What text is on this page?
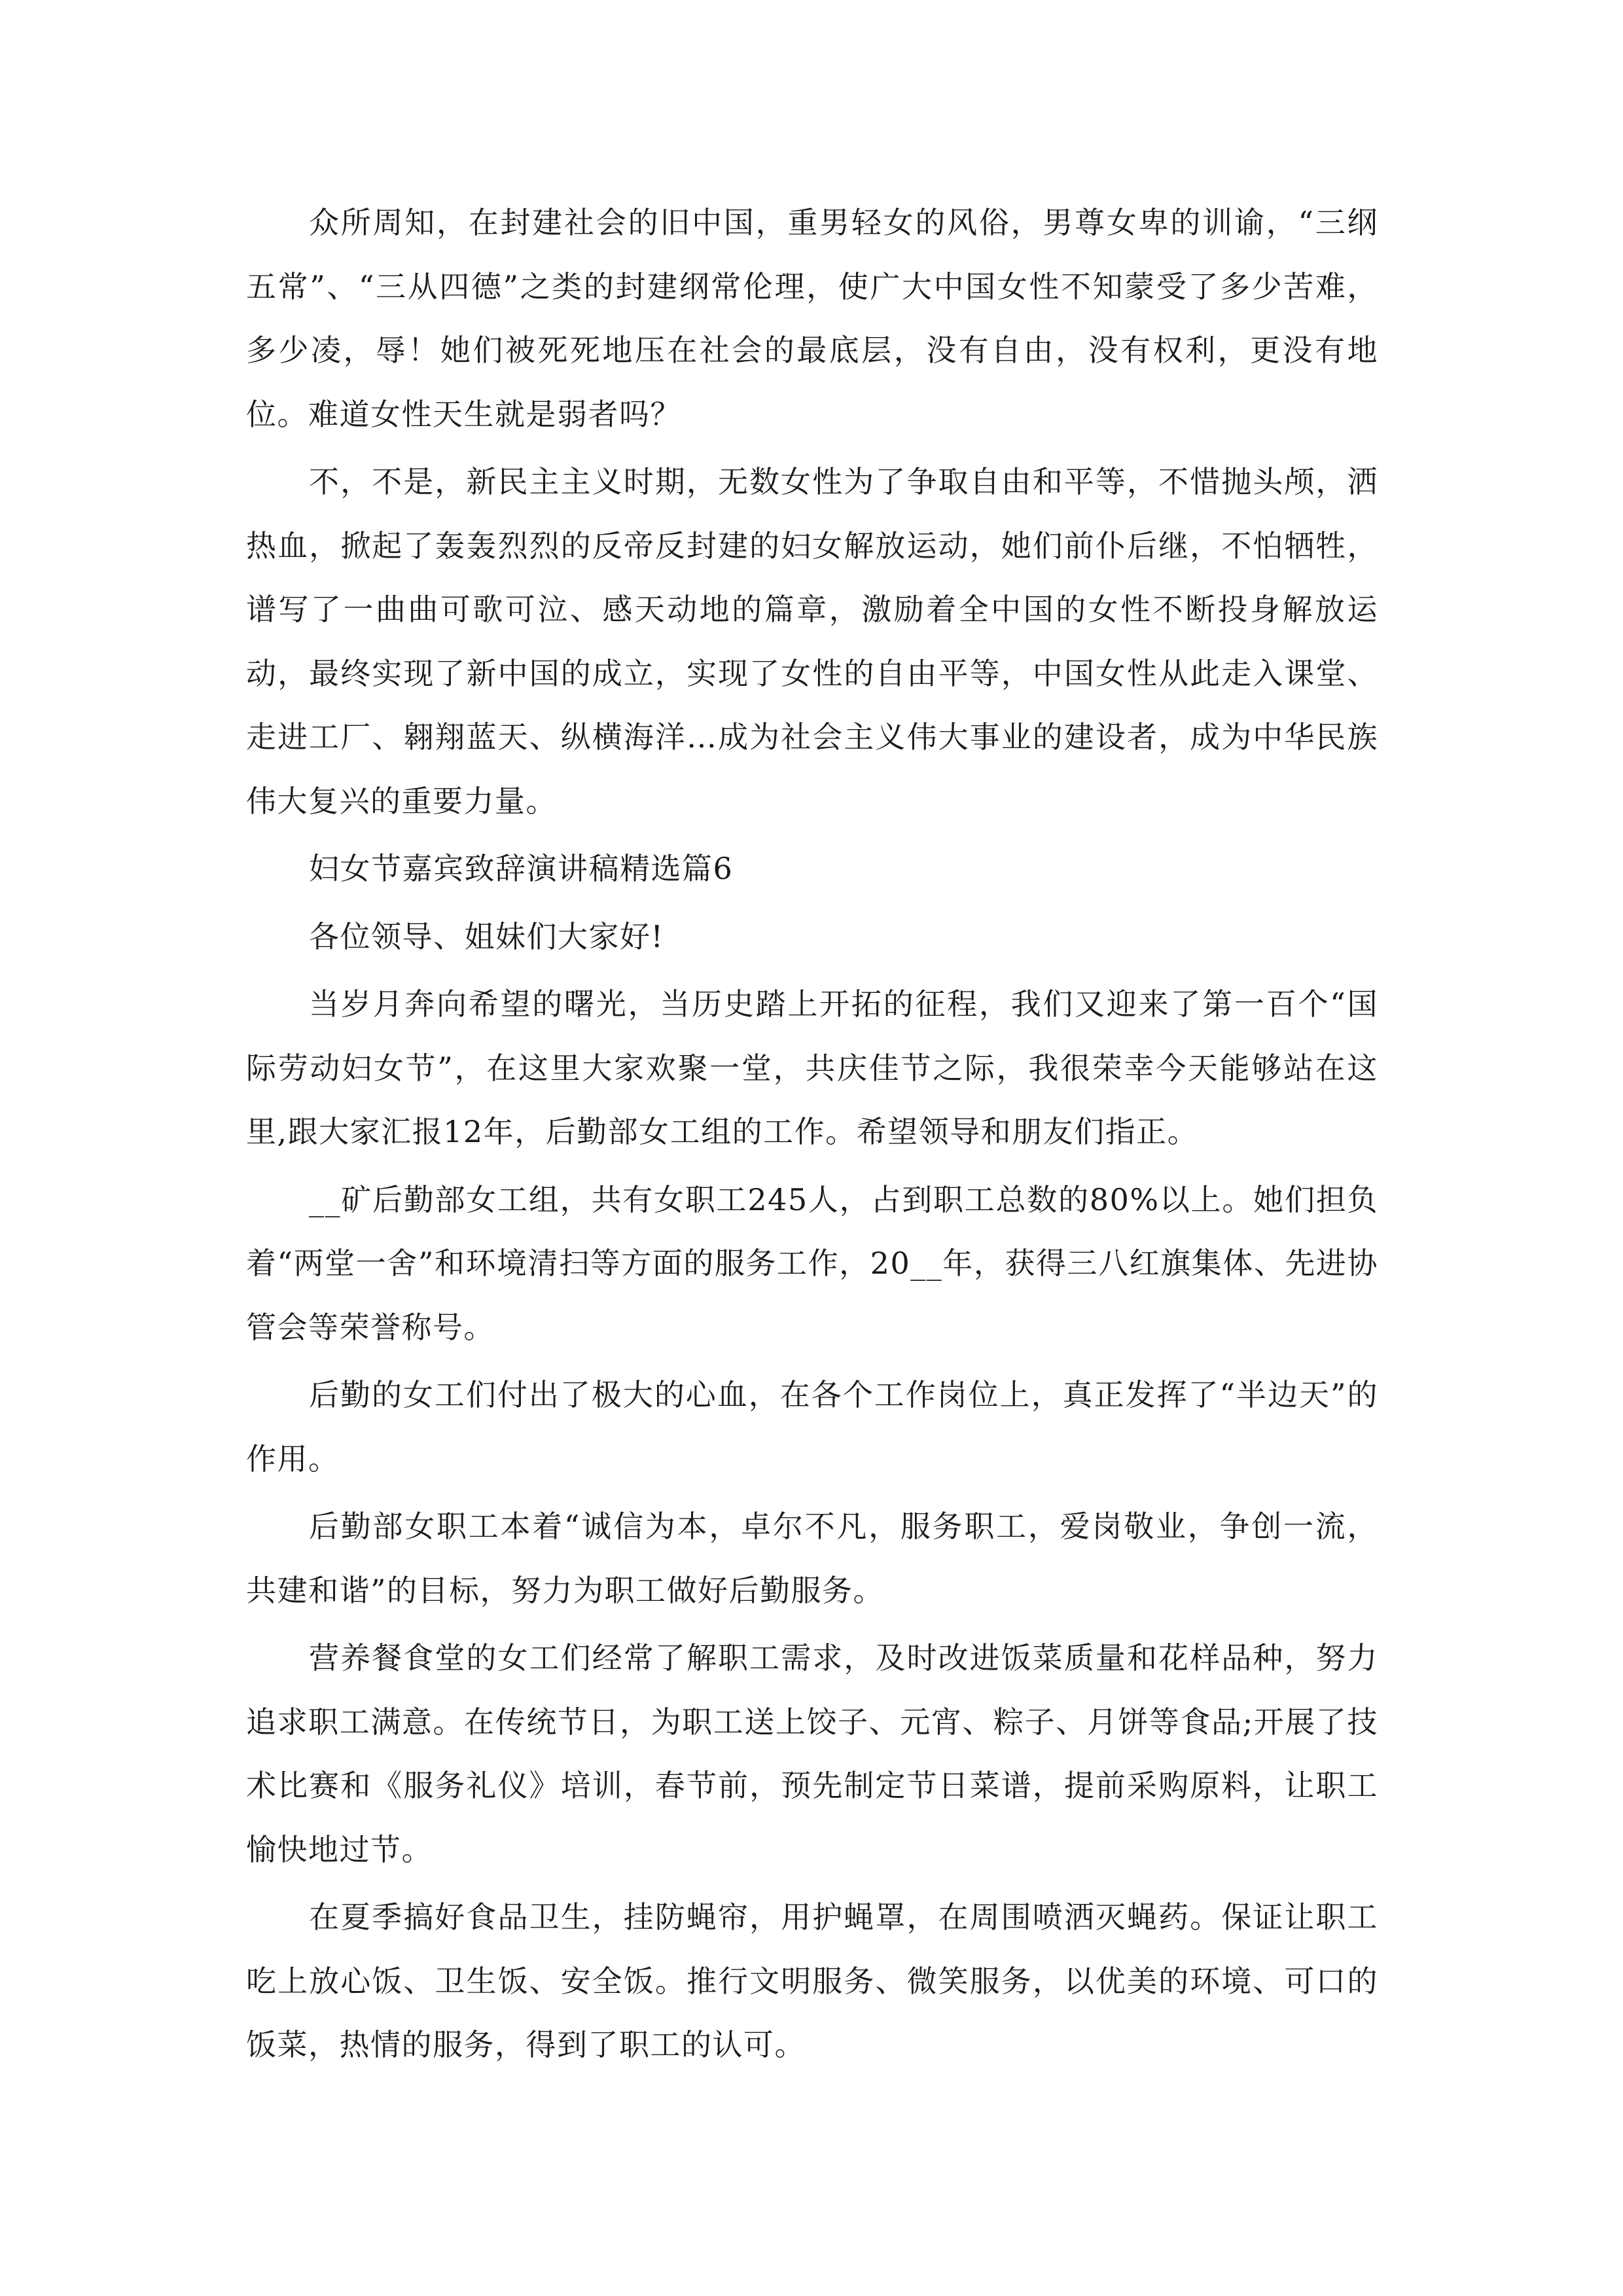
众所周知，在封建社会的旧中国，重男轻女的风俗，男尊女卑的训谕，“三纲五常”、“三从四德”之类的封建纲常伦理，使广大中国女性不知蒙受了多少苦难，多少凌，辱！她们被死死地压在社会的最底层，没有自由，没有权利，更没有地位。难道女性天生就是弱者吗？

不，不是，新民主主义时期，无数女性为了争取自由和平等，不惜抛头颅，洒热血，掀起了轰轰烈烈的反帝反封建的妇女解放运动，她们前仆后继，不怕牺牲，谱写了一曲曲可歌可泣、感天动地的篇章，激励着全中国的女性不断投身解放运动，最终实现了新中国的成立，实现了女性的自由平等，中国女性从此走入课堂、走进工厂、翱翔蓝天、纵横海洋…成为社会主义伟大事业的建设者，成为中华民族伟大复兴的重要力量。

妇女节嘉宾致辞演讲稿精选篇6

各位领导、姐妹们大家好!

当岁月奔向希望的曙光，当历史踏上开拓的征程，我们又迎来了第一百个“国际劳动妇女节”，在这里大家欢聚一堂，共庆佳节之际，我很荣幸今天能够站在这里,跟大家汇报12年，后勤部女工组的工作。希望领导和朋友们指正。

__矿后勤部女工组，共有女职工245人，占到职工总数的80%以上。她们担负着“两堂一舍”和环境清扫等方面的服务工作，20__年，获得三八红旗集体、先进协管会等荣誉称号。

后勤的女工们付出了极大的心血，在各个工作岗位上，真正发挥了“半边天”的作用。

后勤部女职工本着“诚信为本，卓尔不凡，服务职工，爱岗敬业，争创一流，共建和谐”的目标，努力为职工做好后勤服务。

营养餐食堂的女工们经常了解职工需求，及时改进饭菜质量和花样品种，努力追求职工满意。在传统节日，为职工送上饺子、元宵、粽子、月饼等食品;开展了技术比赛和《服务礼仪》培训，春节前，预先制定节日菜谱，提前采购原料，让职工愉快地过节。

在夏季搞好食品卫生，挂防蝇帘，用护蝇罩，在周围喷洒灭蝇药。保证让职工吃上放心饭、卫生饭、安全饭。推行文明服务、微笑服务，以优美的环境、可口的饭菜，热情的服务，得到了职工的认可。
